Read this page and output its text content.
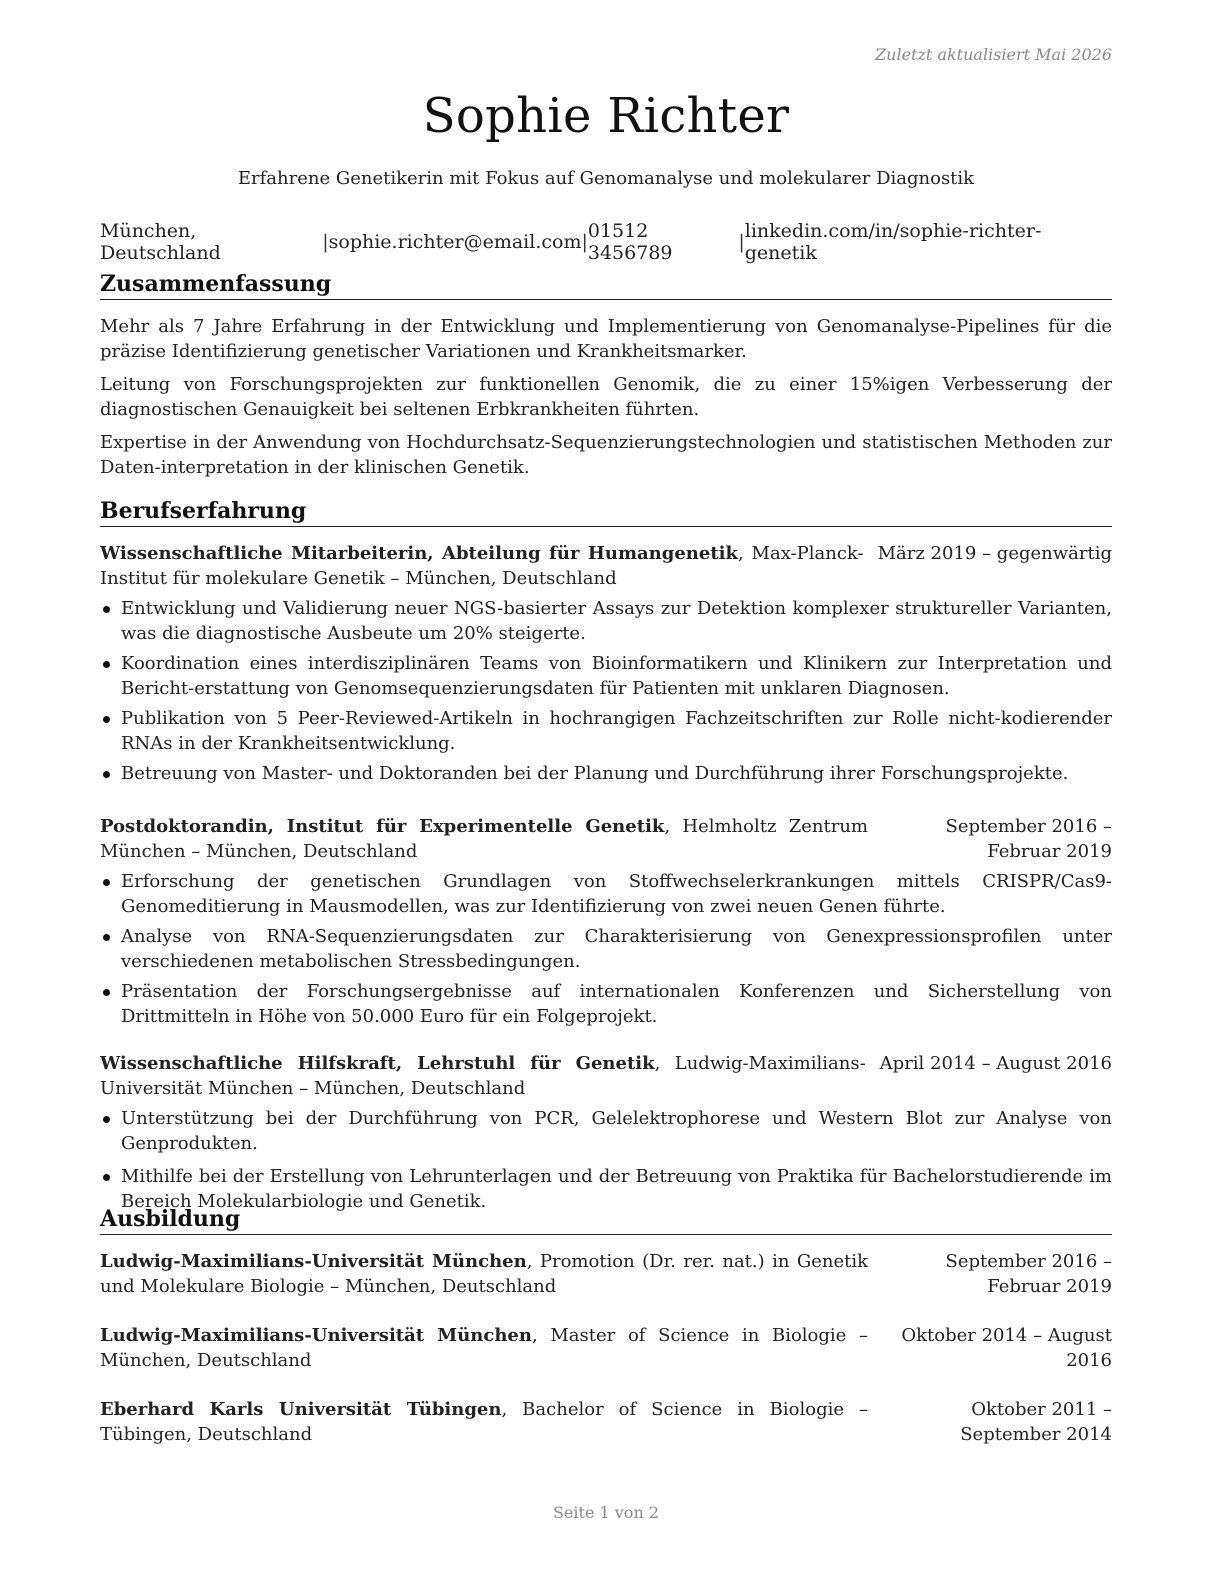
Zuletzt aktualisiert Mai 2026
Sophie Richter
Erfahrene Genetikerin mit Fokus auf Genomanalyse und molekularer Diagnostik
München, Deutschland	| sophie.richter@email.com | 01512 3456789	| linkedin.com/in/sophie-richter-genetik
Zusammenfassung

Mehr als 7 Jahre Erfahrung in der Entwicklung und Implementierung von Genomanalyse-Pipelines für die präzise Identifizierung genetischer Variationen und Krankheitsmarker.

Leitung von Forschungsprojekten zur funktionellen Genomik, die zu einer 15%igen Verbesserung der diagnostischen Genauigkeit bei seltenen Erbkrankheiten führten.

Expertise in der Anwendung von Hochdurchsatz-Sequenzierungstechnologien und statistischen Methoden zur Daten-interpretation in der klinischen Genetik.

Berufserfahrung
März 2019 – gegenwärtig
Wissenschaftliche Mitarbeiterin, Abteilung für Humangenetik, Max-Planck-Institut für molekulare Genetik – München, Deutschland
Entwicklung und Validierung neuer NGS-basierter Assays zur Detektion komplexer struktureller Varianten, was die diagnostische Ausbeute um 20% steigerte.
Koordination eines interdisziplinären Teams von Bioinformatikern und Klinikern zur Interpretation und Bericht-erstattung von Genomsequenzierungsdaten für Patienten mit unklaren Diagnosen.
Publikation von 5 Peer-Reviewed-Artikeln in hochrangigen Fachzeitschriften zur Rolle nicht-kodierender RNAs in der Krankheitsentwicklung.
Betreuung von Master- und Doktoranden bei der Planung und Durchführung ihrer Forschungsprojekte.
September 2016 – Februar 2019
Postdoktorandin, Institut für Experimentelle Genetik, Helmholtz Zentrum München – München, Deutschland
Erforschung der genetischen Grundlagen von Stoffwechselerkrankungen mittels CRISPR/Cas9-Genomeditierung in Mausmodellen, was zur Identifizierung von zwei neuen Genen führte.
Analyse von RNA-Sequenzierungsdaten zur Charakterisierung von Genexpressionsprofilen unter verschiedenen metabolischen Stressbedingungen.
Präsentation der Forschungsergebnisse auf internationalen Konferenzen und Sicherstellung von Drittmitteln in Höhe von 50.000 Euro für ein Folgeprojekt.
April 2014 – August 2016
Wissenschaftliche Hilfskraft, Lehrstuhl für Genetik, Ludwig-Maximilians-Universität München – München, Deutschland
Unterstützung bei der Durchführung von PCR, Gelelektrophorese und Western Blot zur Analyse von Genprodukten.
Mithilfe bei der Erstellung von Lehrunterlagen und der Betreuung von Praktika für Bachelorstudierende im Bereich Molekularbiologie und Genetik.
Ausbildung
September 2016 – Februar 2019
Ludwig-Maximilians-Universität München, Promotion (Dr. rer. nat.) in Genetik und Molekulare Biologie – München, Deutschland
Oktober 2014 – August 2016
Ludwig-Maximilians-Universität München, Master of Science in Biologie – München, Deutschland
Oktober 2011 – September 2014
Eberhard Karls Universität Tübingen, Bachelor of Science in Biologie – Tübingen, Deutschland
Seite 1 von 2
